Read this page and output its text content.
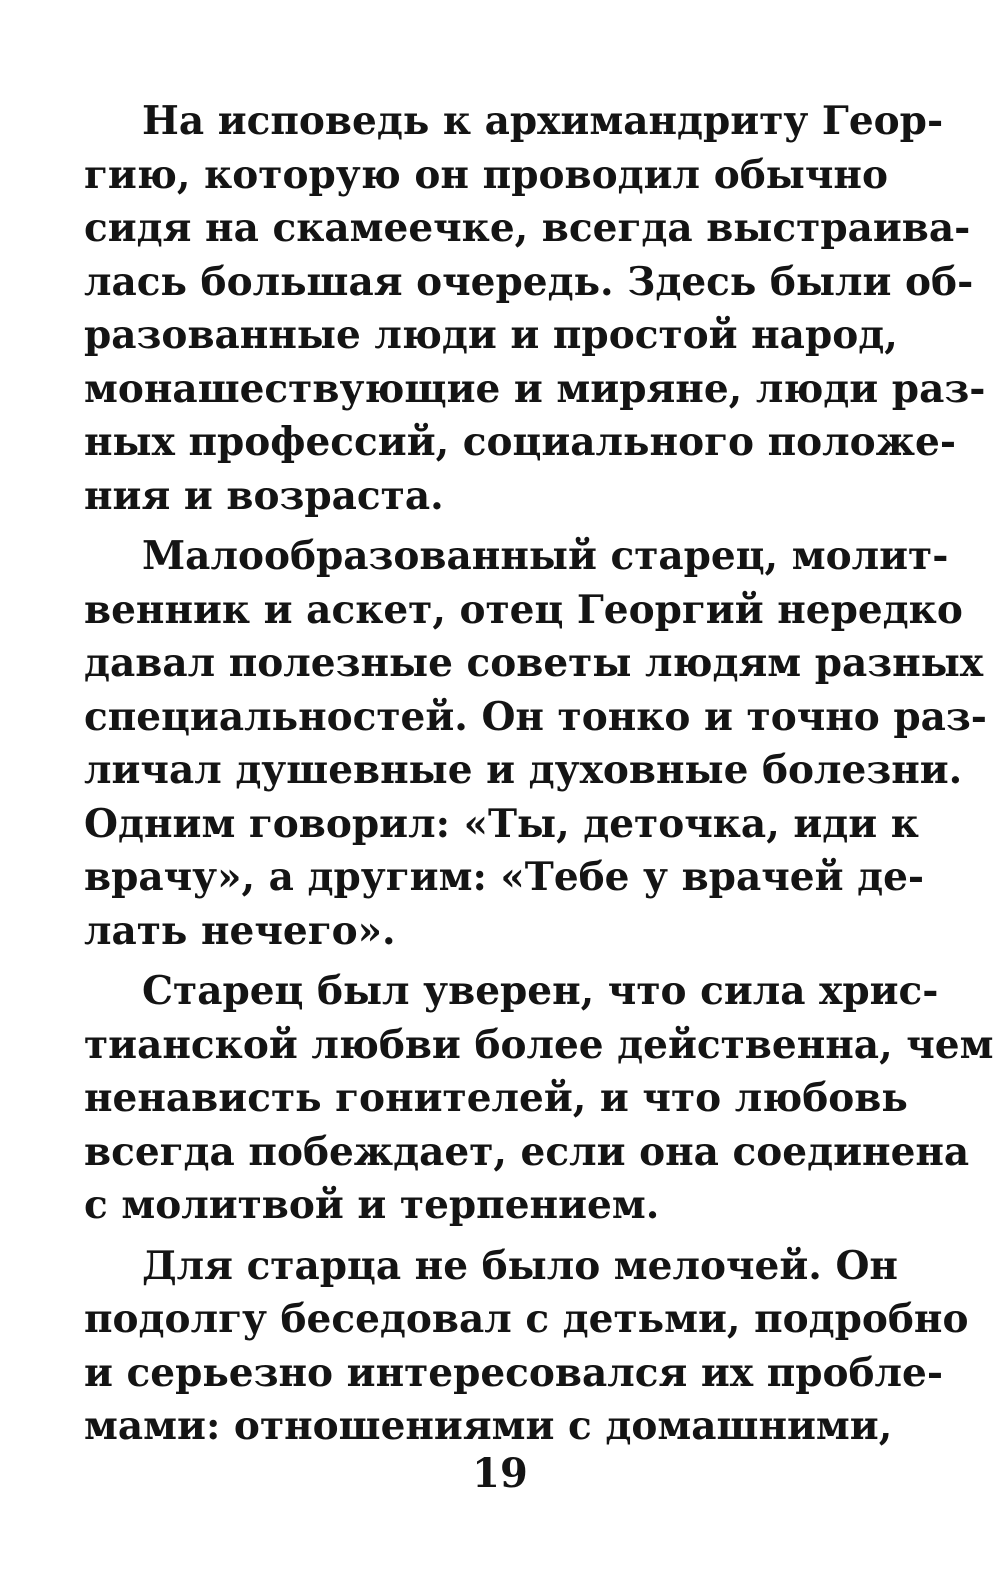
На исповедь к архимандриту Геор-
гию, которую он проводил обычно
сидя на скамеечке, всегда выстраива-
лась большая очередь. Здесь были об-
разованные люди и простой народ,
монашествующие и миряне, люди раз-
ных профессий, социального положе-
ния и возраста.
Малообразованный старец, молит-
венник и аскет, отец Георгий нередко
давал полезные советы людям разных
специальностей. Он тонко и точно раз-
личал душевные и духовные болезни.
Одним говорил: «Ты, деточка, иди к
врачу», а другим: «Тебе у врачей де-
лать нечего».
Старец был уверен, что сила хрис-
тианской любви более действенна, чем
ненависть гонителей, и что любовь
всегда побеждает, если она соединена
с молитвой и терпением.
Для старца не было мелочей. Он
подолгу беседовал с детьми, подробно
и серьезно интересовался их пробле-
мами: отношениями с домашними,
19
